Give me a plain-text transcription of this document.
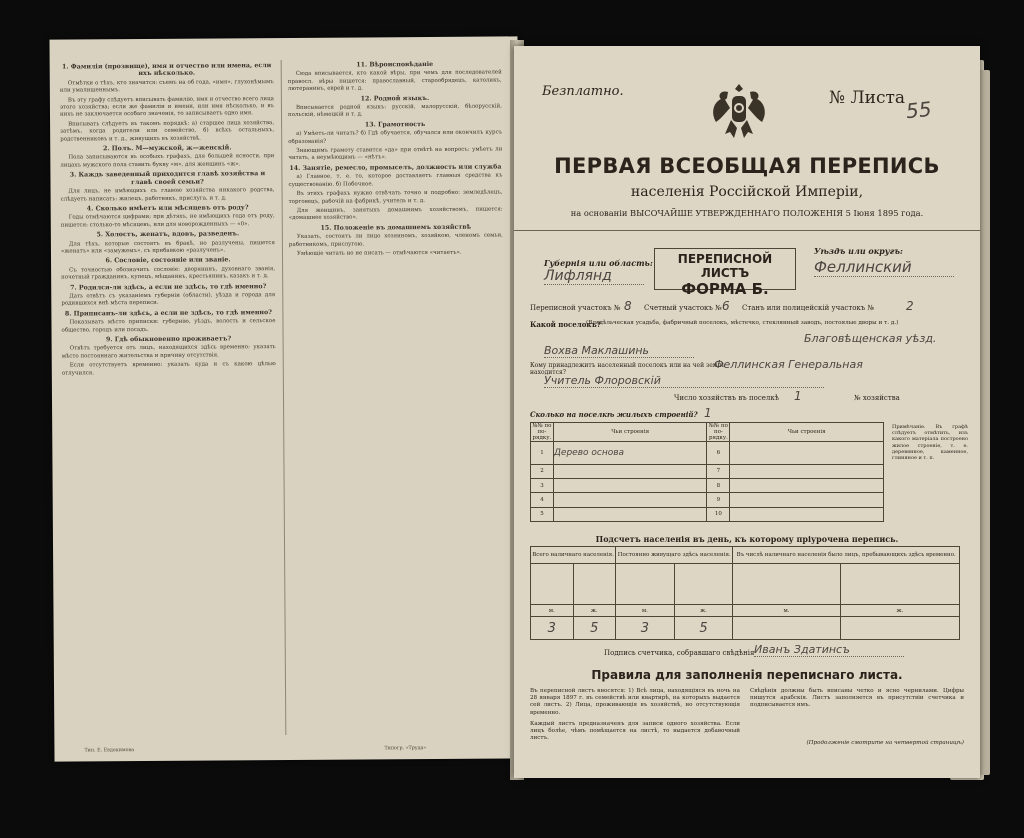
1. Фамилія (прозвище), имя и отчество или имена, если ихъ нѣсколько.

Отмѣтки о тѣхъ, кто значится: съемъ на об года, «имя», глухонѣмымъ или умалишеннымъ.

Въ эту графу слѣдуетъ вписывать фамилію, имя и отчество всего лица этого хозяйства; если же фамиліи и имени, или имя нѣсколько, и въ нихъ не заключается особаго значенія, то записываетъ одно имя.

Вписывать слѣдуетъ въ такомъ порядкѣ: а) старшее лица хозяйства, затѣмъ, когда родители или семейство, б) всѣхъ остальныхъ, родственниковъ и т. д., живущихъ въ хозяйствѣ.

2. Полъ. М—мужской, ж—женскій.

Пола записываются въ особыхъ графахъ, для большей ясности, при лицахъ мужского пола ставить букву «м», для женщинъ «ж».

3. Каждь заведенный приходится главѣ хозяйства и главѣ своей семьи?

Для лицъ, не имѣющихъ съ главою хозяйства никакого родства, слѣдуетъ написать: жилецъ, работникъ, прислуга, и т. д.

4. Сколько имѣетъ или мѣсяцевъ отъ роду?

Годы отмѣчаются цифрами; при дѣтяхъ, не имѣющихъ года отъ роду, пишется: столько-то мѣсяцевъ, или для новорожденныхъ — «0».

5. Холостъ, женатъ, вдовъ, разведенъ.

Для тѣхъ, которые состоятъ въ бракѣ, но разлучены, пишется «женатъ» или «замужемъ», съ прибавкою «разлученъ».

6. Сословіе, состояніе или званіе.

Съ точностью обозначить сословіе: дворянинъ, духовнаго званія, почетный гражданинъ, купецъ, мѣщанинъ, крестьянинъ, казакъ и т. д.

7. Родился-ли здѣсь, а если не здѣсь, то гдѣ именно?

Дать отвѣтъ съ указаніемъ губерніи (области), уѣзда и города для родившихся внѣ мѣста переписи.

8. Приписанъ-ли здѣсь, а если не здѣсь, то гдѣ именно?

Показывать мѣсто приписки: губернію, уѣздъ, волость и сельское общество, городъ или посадъ.

9. Гдѣ обыкновенно проживаетъ?

Отвѣтъ требуется отъ лицъ, находящихся здѣсь временно: указать мѣсто постояннаго жительства и причину отсутствія.

Если отсутствуетъ временно: указать куда и съ какою цѣлью отлучился.

11. Вѣроисповѣданіе

Сюда вписывается, кто какой вѣры, при чемъ для последователей правосл. вѣры пишется: православный, старообрядецъ, католикъ, лютеранинъ, еврей и т. д.

12. Родной языкъ.

Вписывается родной языкъ: русскій, малорусскій, бѣлорусскій, польскій, нѣмецкій и т. д.

13. Грамотность

а) Умѣетъ-ли читать? б) Гдѣ обучается, обучался или окончилъ курсъ образованія?

Знающимъ грамоту ставится «да» при отвѣтѣ на вопросъ: умѣетъ ли читать, а неумѣющимъ — «нѣтъ».

14. Занятіе, ремесло, промыселъ, должность или служба

а) Главное, т. е. то, которое доставляетъ главныя средства къ существованію. б) Побочное.

Въ этихъ графахъ нужно отвѣчать точно и подробно: земледѣлецъ, торговецъ, рабочій на фабрикѣ, учитель и т. д.

Для женщинъ, занятыхъ домашнимъ хозяйствомъ, пишется: «домашнее хозяйство».

15. Положеніе въ домашнемъ хозяйствѣ

Указать, состоитъ ли лицо хозяиномъ, хозяйкою, членомъ семьи, работникомъ, прислугою.

Умѣющіе читать но не писать — отмѣчаются «читаетъ».

Тип. Е. Евдокимова	Типогр. «Труда»
Безплатно.	№ Листа 55
ПЕРВАЯ ВСЕОБЩАЯ ПЕРЕПИСЬ
населенія Россійской Имперіи,
на основаніи ВЫСОЧАЙШЕ УТВЕРЖДЕННАГО ПОЛОЖЕНІЯ 5 Іюня 1895 года.
Губернія или область:
Лифлянд
ПЕРЕПИСНОЙ ЛИСТЪ
ФОРМА Б.
Уѣздъ или округъ:
Феллинский
Переписной участокъ № 8 Счетный участокъ № 6 Станъ или полицейскій участокъ №	2
Какой поселокъ?
(Владѣльческая усадьба, фабричный поселокъ, мѣстечко, стеклянный заводъ, постоялые дворы и т. д.)
Благовѣщенская уѣзд.
Вохва Маклашинь
Кому принадлежитъ населенный поселокъ или на чей землѣ находится?
Феллинская Генеральная
Учитель Флоровскій
Число хозяйствъ въ поселкѣ 1	№ хозяйства
Сколько на поселкѣ жилыхъ строеній? 1
№№ по по-рядку.	Чьи строенія	№№ по по-рядку.	Чьи строенія
1	Дерево основа	6	
2		7	
3		8	
4		9	
5		10	
Примѣчаніе. Въ графѣ слѣдуетъ отмѣтить, изъ какого матеріала построено жилое строеніе, т. е. деревянное, каменное, глиняное и т. п.
Подсчетъ населенія въ день, къ которому пріурочена перепись.
Всего наличнаго населенія.		Постоянно живущаго здѣсь населенія.		Въ числѣ наличнаго населенія было лицъ, пребывающихъ здѣсь временно.	

м.	ж.	м.	ж.	м.	ж.
3	5	3	5		
Подпись счетчика, собравшаго свѣдѣнія Иванъ Здатинсъ
Правила для заполненія переписнаго листа.
Въ переписной листъ вносятся: 1) Всѣ лица, находящіяся въ ночь на 28 января 1897 г. въ семействѣ или квартирѣ, на которыхъ выдается сей листъ. 2) Лица, проживающія въ хозяйствѣ, но отсутствующія временно.
Каждый листъ предназначенъ для записи одного хозяйства. Если лицъ болѣе, чѣмъ помѣщается на листѣ, то выдается добавочный листъ.
Свѣдѣнія должны быть вписаны четко и ясно чернилами. Цифры пишутся арабскія. Листъ заполняется въ присутствіи счетчика и подписывается имъ.
(Продолженіе смотрите на четвертой страницѣ)
